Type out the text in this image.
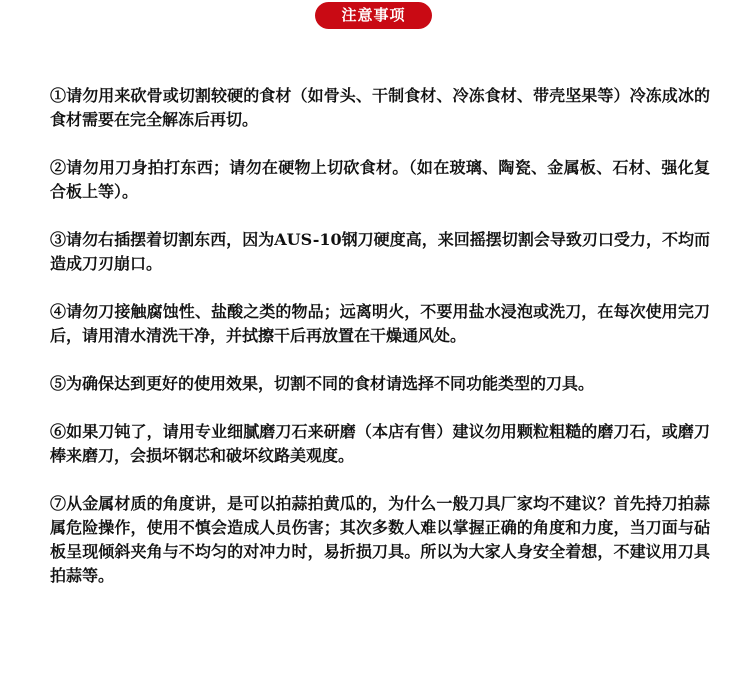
注意事项
①请勿用来砍骨或切割较硬的食材（如骨头、干制食材、冷冻食材、带壳坚果等）冷冻成冰的食材需要在完全解冻后再切。
②请勿用刀身拍打东西；请勿在硬物上切砍食材。（如在玻璃、陶瓷、金属板、石材、强化复合板上等）。
③请勿右插摆着切割东西，因为AUS-10钢刀硬度高，来回摇摆切割会导致刃口受力，不均而造成刀刃崩口。
④请勿刀接触腐蚀性、盐酸之类的物品；远离明火，不要用盐水浸泡或洗刀，在每次使用完刀后，请用清水清洗干净，并拭擦干后再放置在干燥通风处。
⑤为确保达到更好的使用效果，切割不同的食材请选择不同功能类型的刀具。
⑥如果刀钝了，请用专业细腻磨刀石来研磨（本店有售）建议勿用颗粒粗糙的磨刀石，或磨刀棒来磨刀，会损坏钢芯和破坏纹路美观度。
⑦从金属材质的角度讲，是可以拍蒜拍黄瓜的，为什么一般刀具厂家均不建议？首先持刀拍蒜属危险操作，使用不慎会造成人员伤害；其次多数人难以掌握正确的角度和力度，当刀面与砧板呈现倾斜夹角与不均匀的对冲力时，易折损刀具。所以为大家人身安全着想，不建议用刀具拍蒜等。
